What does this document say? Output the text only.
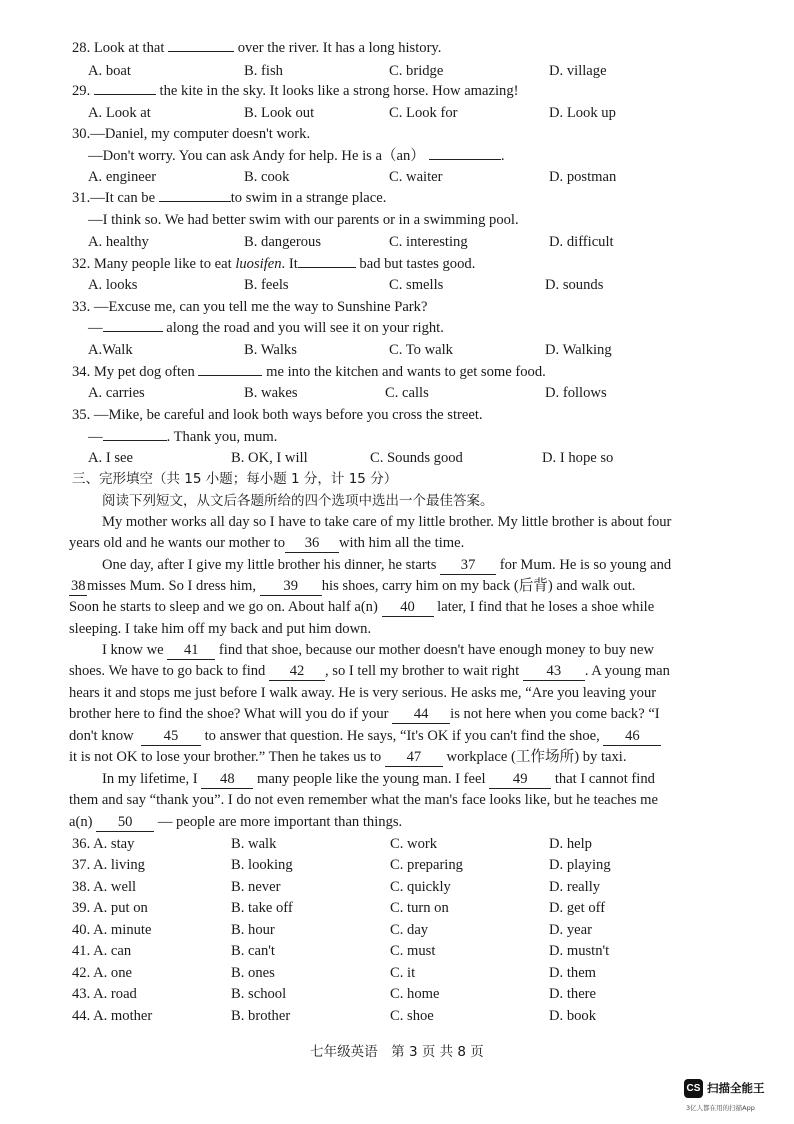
28. Look at that	over the river. It has a long history.
A. boat	B. fish	C. bridge	D. village
29.	the kite in the sky. It looks like a strong horse. How amazing!
A. Look at	B. Look out	C. Look for	D. Look up
30.—Daniel, my computer doesn't work.
—Don't worry. You can ask Andy for help. He is a（an）	.
A. engineer	B. cook	C. waiter	D. postman
31.—It can be	to swim in a strange place.
—I think so. We had better swim with our parents or in a swimming pool.
A. healthy	B. dangerous	C. interesting	D. difficult
32. Many people like to eat luosifen. It	bad but tastes good.
A. looks	B. feels	C. smells	D. sounds
33. —Excuse me, can you tell me the way to Sunshine Park?
—	along the road and you will see it on your right.
A.Walk	B. Walks	C. To walk	D. Walking
34. My pet dog often	me into the kitchen and wants to get some food.
A. carries	B. wakes	C. calls	D. follows
35. —Mike, be careful and look both ways before you cross the street.
—	. Thank you, mum.
A. I see	B. OK, I will	C. Sounds good	D. I hope so
三、完形填空（共 15 小题；每小题 1 分，计 15 分）
阅读下列短文，从文后各题所给的四个选项中选出一个最佳答案。
My mother works all day so I have to take care of my little brother. My little brother is about four
years old and he wants our mother to 36 with him all the time.
One day, after I give my little brother his dinner, he starts 37 for Mum. He is so young and
38misses Mum. So I dress him, 39 his shoes, carry him on my back (后背) and walk out.
Soon he starts to sleep and we go on. About half a(n) 40 later, I find that he loses a shoe while
sleeping. I take him off my back and put him down.
I know we 41 find that shoe, because our mother doesn't have enough money to buy new
shoes. We have to go back to find 42 , so I tell my brother to wait right 43 . A young man
hears it and stops me just before I walk away. He is very serious. He asks me, “Are you leaving your
brother here to find the shoe? What will you do if your 44 is not here when you come back? “I
don't know 45 to answer that question. He says, “It's OK if you can't find the shoe, 46
it is not OK to lose your brother.” Then he takes us to 47 workplace (工作场所) by taxi.
In my lifetime, I 48 many people like the young man. I feel 49 that I cannot find
them and say “thank you”. I do not even remember what the man's face looks like, but he teaches me
a(n) 50 — people are more important than things.
36. A. stay	B. walk	C. work	D. help
37. A. living	B. looking	C. preparing	D. playing
38. A. well	B. never	C. quickly	D. really
39. A. put on	B. take off	C. turn on	D. get off
40. A. minute	B. hour	C. day	D. year
41. A. can	B. can't	C. must	D. mustn't
42. A. one	B. ones	C. it	D. them
43. A. road	B. school	C. home	D. there
44. A. mother	B. brother	C. shoe	D. book
七年级英语　第 3 页 共 8 页
CS 扫描全能王
3亿人都在用的扫描App
